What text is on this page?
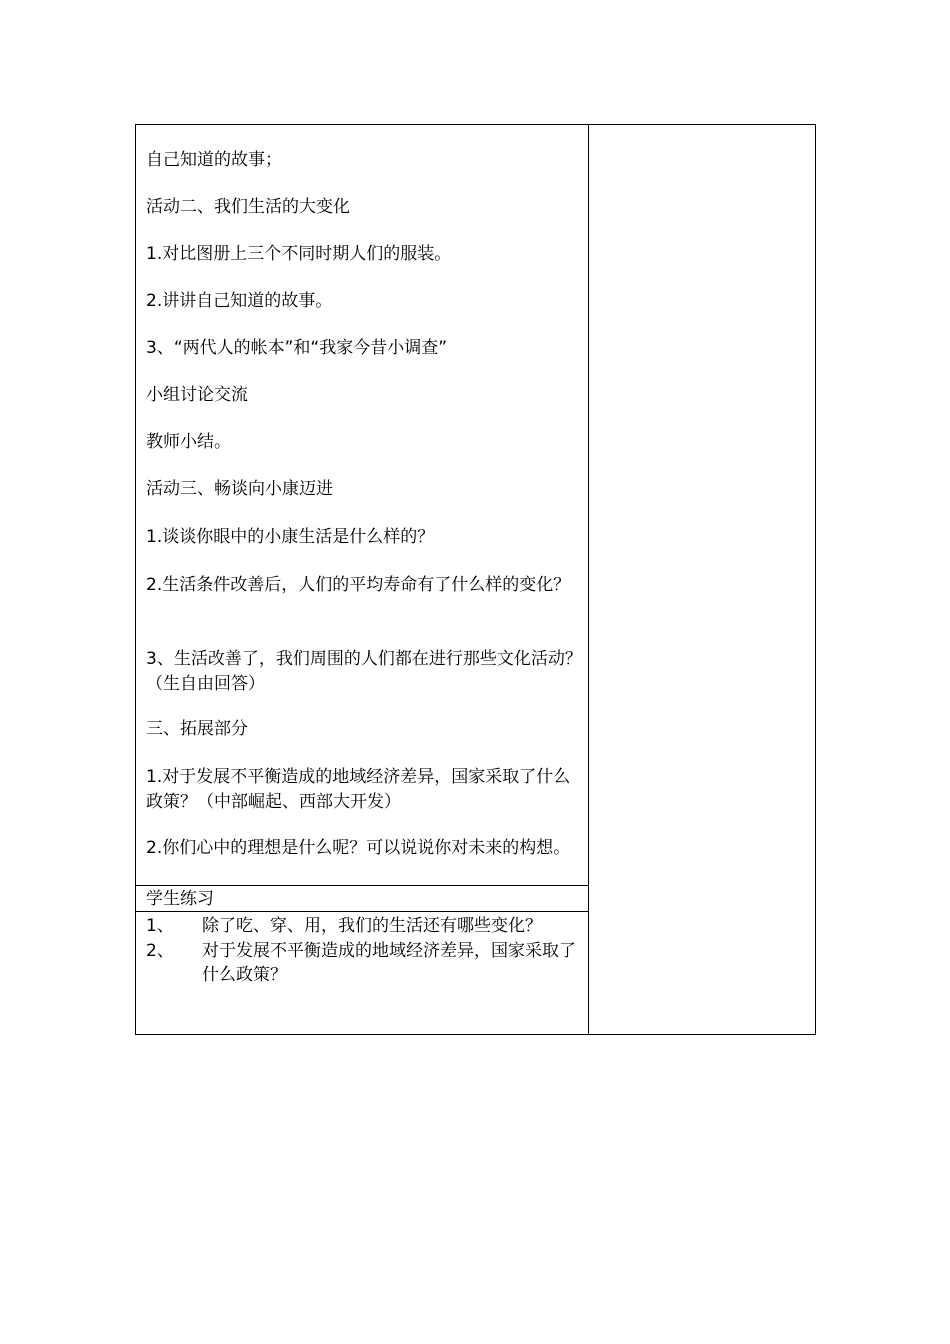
自己知道的故事；
活动二、我们生活的大变化
1.对比图册上三个不同时期人们的服装。
2.讲讲自己知道的故事。
3、“两代人的帐本”和“我家今昔小调查”
小组讨论交流
教师小结。
活动三、畅谈向小康迈进
1.谈谈你眼中的小康生活是什么样的？
2.生活条件改善后，人们的平均寿命有了什么样的变化？
3、生活改善了，我们周围的人们都在进行那些文化活动？（生自由回答）
三、拓展部分
1.对于发展不平衡造成的地域经济差异，国家采取了什么政策？（中部崛起、西部大开发）
2.你们心中的理想是什么呢？可以说说你对未来的构想。
学生练习
1、 除了吃、穿、用，我们的生活还有哪些变化？
2、 对于发展不平衡造成的地域经济差异，国家采取了什么政策？
